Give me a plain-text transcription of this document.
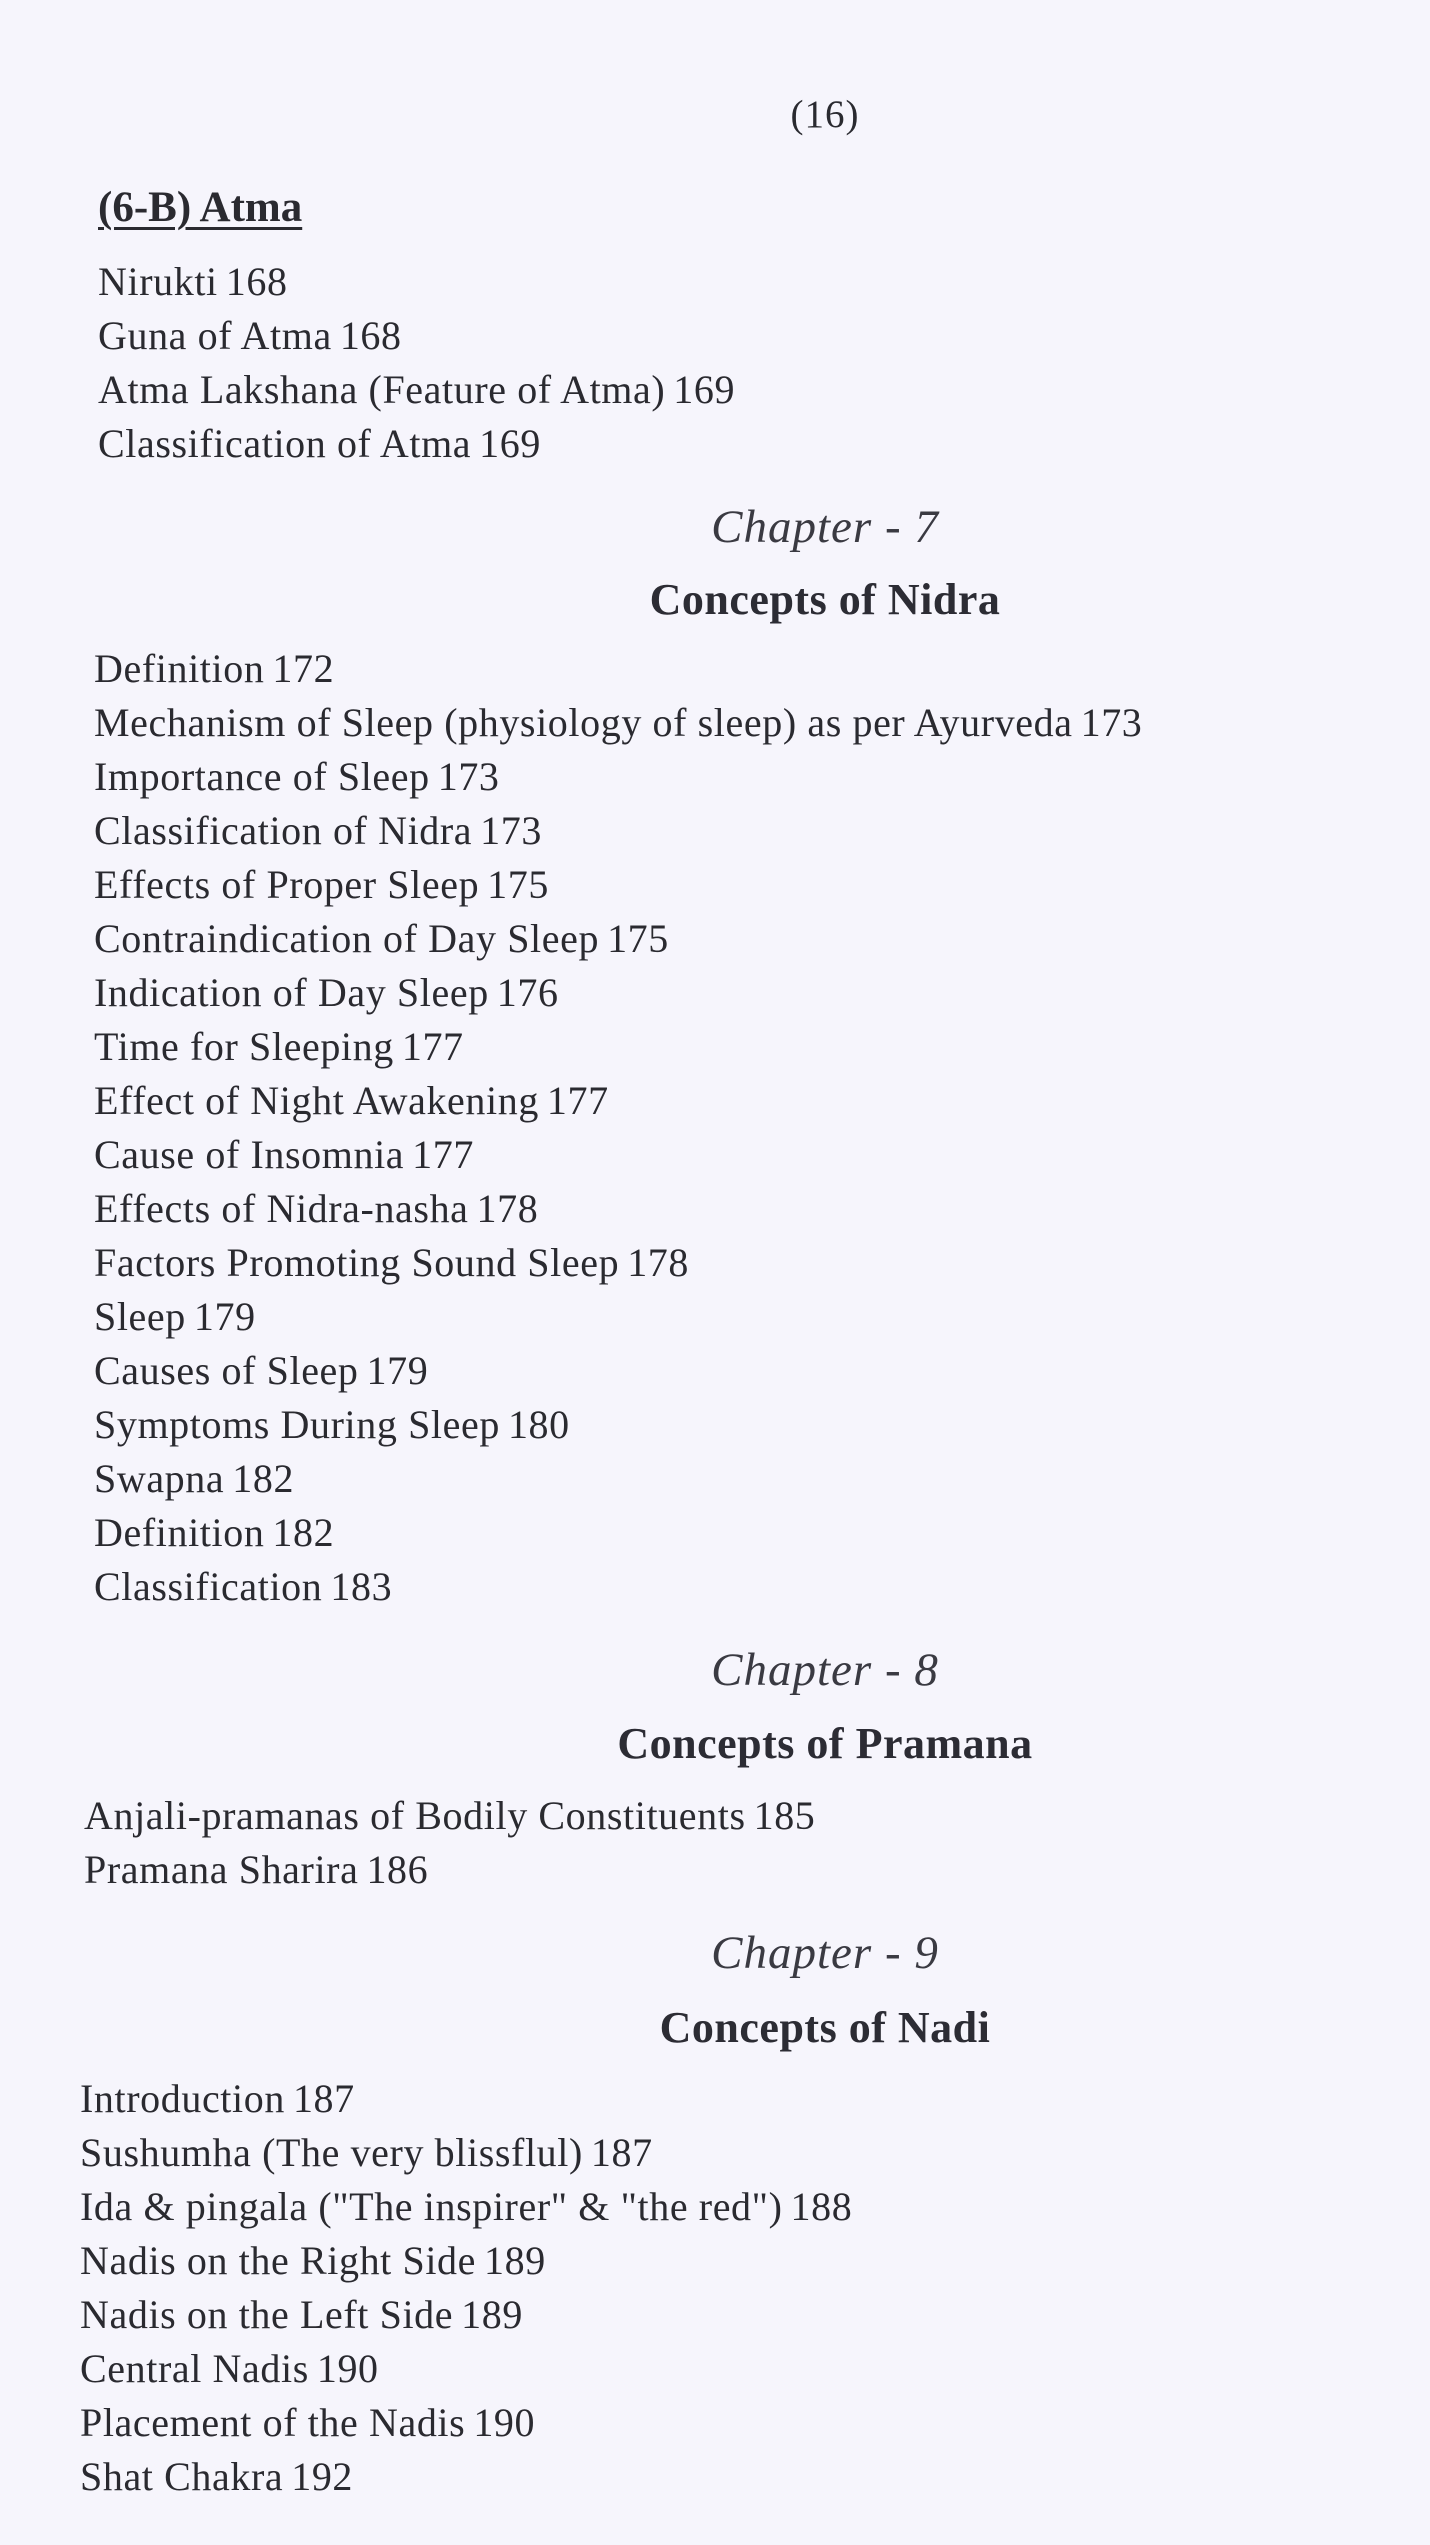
(16)
(6-B) Atma
Nirukti 168
Guna of Atma 168
Atma Lakshana (Feature of Atma) 169
Classification of Atma 169
Chapter - 7
Concepts of Nidra
Definition 172
Mechanism of Sleep (physiology of sleep) as per Ayurveda 173
Importance of Sleep 173
Classification of Nidra 173
Effects of Proper Sleep 175
Contraindication of Day Sleep 175
Indication of Day Sleep 176
Time for Sleeping 177
Effect of Night Awakening 177
Cause of Insomnia 177
Effects of Nidra-nasha 178
Factors Promoting Sound Sleep 178
Sleep 179
Causes of Sleep 179
Symptoms During Sleep 180
Swapna 182
Definition 182
Classification 183
Chapter - 8
Concepts of Pramana
Anjali-pramanas of Bodily Constituents 185
Pramana Sharira 186
Chapter - 9
Concepts of Nadi
Introduction 187
Sushumha (The very blissflul) 187
Ida & pingala ("The inspirer" & "the red") 188
Nadis on the Right Side 189
Nadis on the Left Side 189
Central Nadis 190
Placement of the Nadis 190
Shat Chakra 192
